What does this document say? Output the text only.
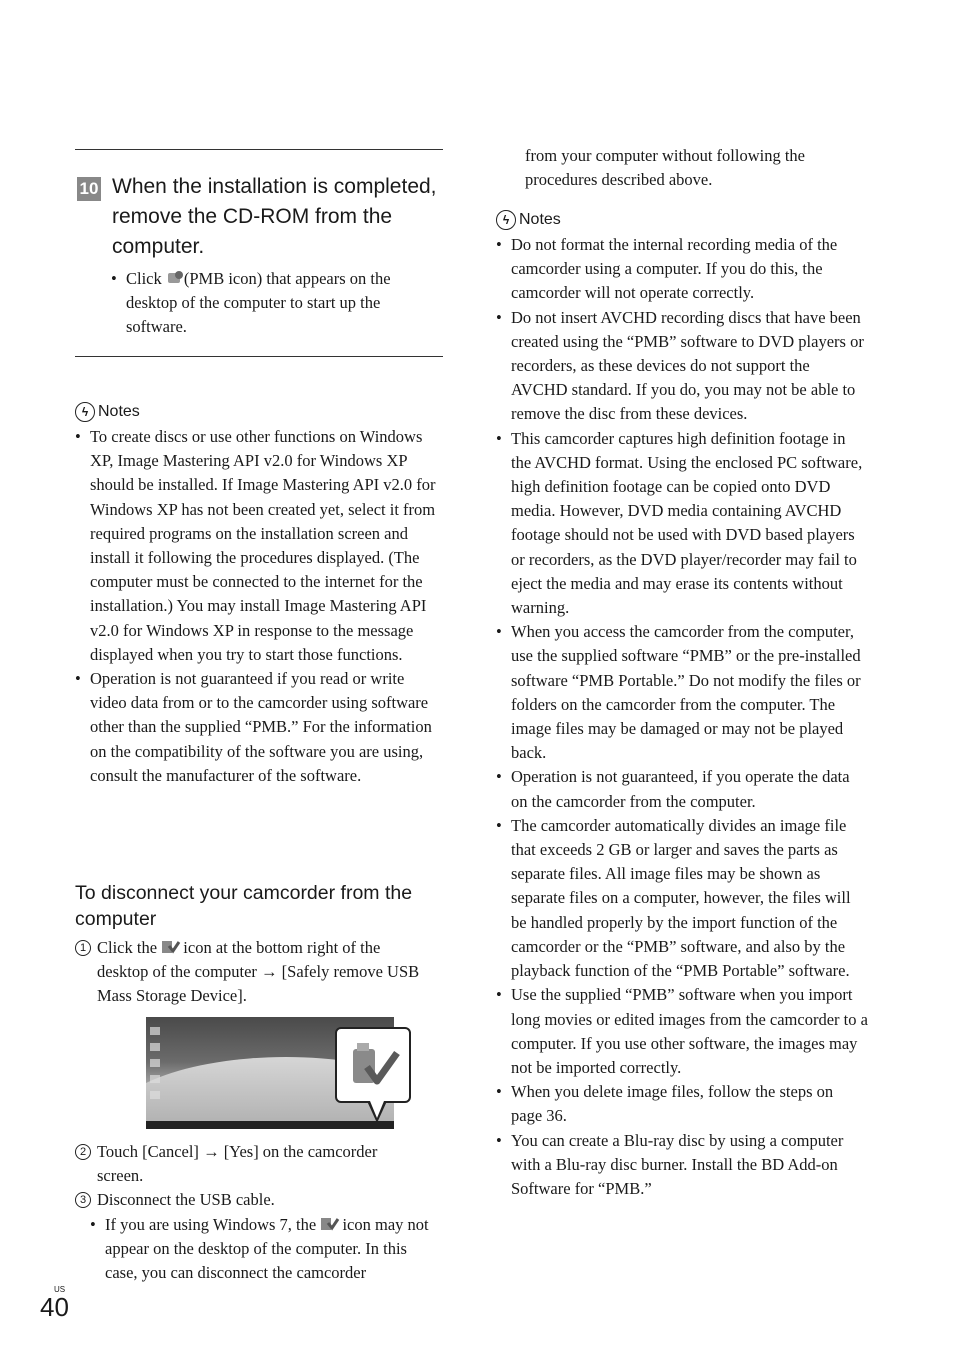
10 When the installation is completed, remove the CD-ROM from the computer.
• Click (PMB icon) that appears on the desktop of the computer to start up the software.
ϟ Notes
• To create discs or use other functions on Windows XP, Image Mastering API v2.0 for Windows XP should be installed. If Image Mastering API v2.0 for Windows XP has not been created yet, select it from required programs on the installation screen and install it following the procedures displayed. (The computer must be connected to the internet for the installation.) You may install Image Mastering API v2.0 for Windows XP in response to the message displayed when you try to start those functions.
• Operation is not guaranteed if you read or write video data from or to the camcorder using software other than the supplied “PMB.” For the information on the compatibility of the software you are using, consult the manufacturer of the software.
To disconnect your camcorder from the computer
1 Click the  icon at the bottom right of the desktop of the computer → [Safely remove USB Mass Storage Device].
2 Touch [Cancel] → [Yes] on the camcorder screen.
3 Disconnect the USB cable.
• If you are using Windows 7, the  icon may not appear on the desktop of the computer. In this case, you can disconnect the camcorder
from your computer without following the procedures described above.
ϟ Notes
• Do not format the internal recording media of the camcorder using a computer. If you do this, the camcorder will not operate correctly.
• Do not insert AVCHD recording discs that have been created using the “PMB” software to DVD players or recorders, as these devices do not support the AVCHD standard. If you do, you may not be able to remove the disc from these devices.
• This camcorder captures high definition footage in the AVCHD format. Using the enclosed PC software, high definition footage can be copied onto DVD media. However, DVD media containing AVCHD footage should not be used with DVD based players or recorders, as the DVD player/recorder may fail to eject the media and may erase its contents without warning.
• When you access the camcorder from the computer, use the supplied software “PMB” or the pre-installed software “PMB Portable.” Do not modify the files or folders on the camcorder from the computer. The image files may be damaged or may not be played back.
• Operation is not guaranteed, if you operate the data on the camcorder from the computer.
• The camcorder automatically divides an image file that exceeds 2 GB or larger and saves the parts as separate files. All image files may be shown as separate files on a computer, however, the files will be handled properly by the import function of the camcorder or the “PMB” software, and also by the playback function of the “PMB Portable” software.
• Use the supplied “PMB” software when you import long movies or edited images from the camcorder to a computer. If you use other software, the images may not be imported correctly.
• When you delete image files, follow the steps on page 36.
• You can create a Blu-ray disc by using a computer with a Blu-ray disc burner. Install the BD Add-on Software for “PMB.”
US
40
